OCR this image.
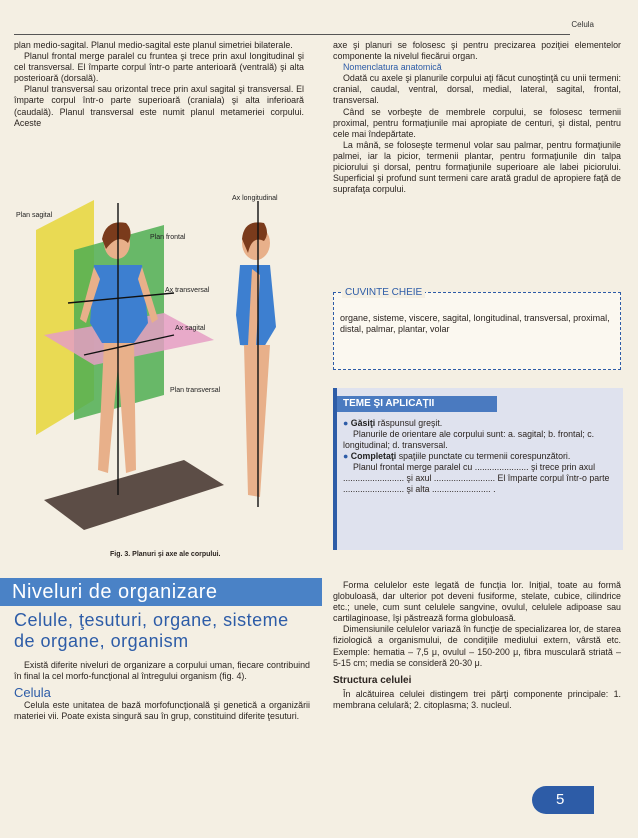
Celula

plan medio-sagital. Planul medio-sagital este planul simetriei bilaterale.

Planul frontal merge paralel cu fruntea şi trece prin axul longitudinal şi cel transversal. El împarte corpul într-o parte anterioară (ventrală) şi alta posterioară (dorsală).

Planul transversal sau orizontal trece prin axul sagital şi transversal. El împarte corpul într-o parte superioară (craniala) şi alta inferioară (caudală). Planul transversal este numit planul metameriei corpului. Aceste

Ax longitudinal
Plan sagital
Plan frontal
Ax transversal
Ax sagital
Plan transversal
Fig. 3. Planuri şi axe ale corpului.

axe şi planuri se folosesc şi pentru precizarea poziţiei elementelor componente la nivelul fiecărui organ.

Nomenclatura anatomică

Odată cu axele şi planurile corpului aţi făcut cunoştinţă cu unii termeni: cranial, caudal, ventral, dorsal, medial, lateral, sagital, frontal, transversal.

Când se vorbeşte de membrele corpului, se folosesc termenii proximal, pentru formaţiunile mai apropiate de centuri, şi distal, pentru cele mai îndepărtate.

La mână, se foloseşte termenul volar sau palmar, pentru formaţiunile palmei, iar la picior, termenii plantar, pentru formaţiunile din talpa piciorului şi dorsal, pentru formaţiunile superioare ale labei piciorului. Superficial şi profund sunt termeni care arată gradul de apropiere faţă de suprafaţa corpului.

CUVINTE CHEIE
organe, sisteme, viscere, sagital, longitudinal, transversal, proximal, distal, palmar, plantar, volar
TEME ŞI APLICAŢII
● Găsiţi răspunsul greşit.
Planurile de orientare ale corpului sunt: a. sagital; b. frontal; c. longitudinal; d. transversal.
● Completaţi spaţiile punctate cu termenii corespunzători.
Planul frontal merge paralel cu ...................... şi trece prin axul ......................... şi axul ......................... El împarte corpul într-o parte ......................... şi alta ........................ .
Niveluri de organizare
Celule, ţesuturi, organe, sisteme de organe, organism

Există diferite niveluri de organizare a corpului uman, fiecare contribuind în final la cel morfo-funcţional al întregului organism (fig. 4).

Celula

Celula este unitatea de bază morfofuncţională şi genetică a organizării materiei vii. Poate exista singură sau în grup, constituind diferite ţesuturi.

Forma celulelor este legată de funcţia lor. Iniţial, toate au formă globuloasă, dar ulterior pot deveni fusiforme, stelate, cubice, cilindrice etc.; unele, cum sunt celulele sangvine, ovulul, celulele adipoase sau cartilaginoase, îşi păstrează forma globuloasă.

Dimensiunile celulelor variază în funcţie de specializarea lor, de starea fiziologică a organismului, de condiţiile mediului extern, vârstă etc. Exemple: hematia – 7,5 μ, ovulul – 150-200 μ, fibra musculară striată – 5-15 cm; media se consideră 20-30 μ.

Structura celulei

În alcătuirea celulei distingem trei părţi componente principale: 1. membrana celulară; 2. citoplasma; 3. nucleul.

5
